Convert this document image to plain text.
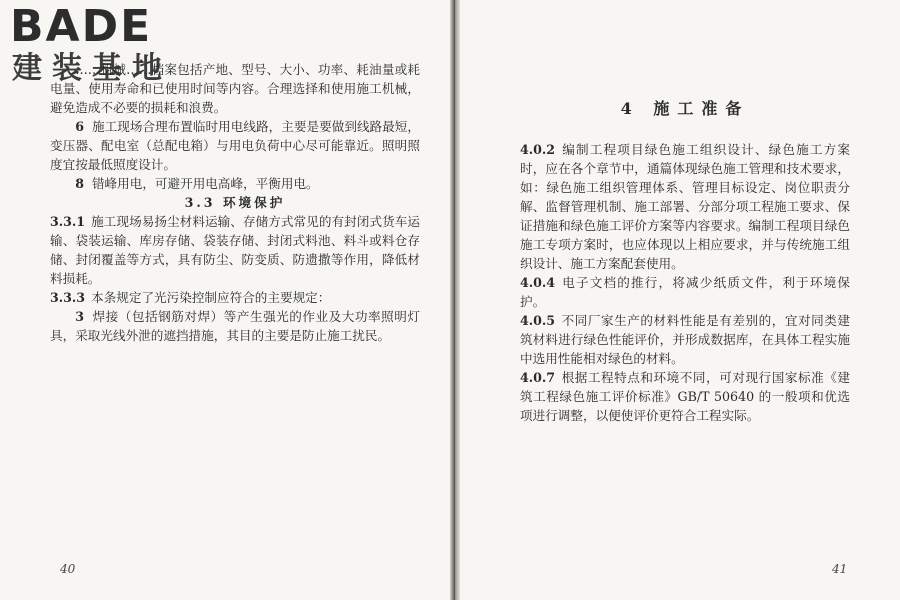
BADE
建装基地

……机械……档案包括产地、型号、大小、功率、耗油量或耗电量、使用寿命和已使用时间等内容。合理选择和使用施工机械，避免造成不必要的损耗和浪费。

6 施工现场合理布置临时用电线路，主要是要做到线路最短，变压器、配电室（总配电箱）与用电负荷中心尽可能靠近。照明照度宜按最低照度设计。

8 错峰用电，可避开用电高峰，平衡用电。

3.3 环境保护

3.3.1 施工现场易扬尘材料运输、存储方式常见的有封闭式货车运输、袋装运输、库房存储、袋装存储、封闭式料池、料斗或料仓存储、封闭覆盖等方式，具有防尘、防变质、防遗撒等作用，降低材料损耗。

3.3.3 本条规定了光污染控制应符合的主要规定：

3 焊接（包括钢筋对焊）等产生强光的作业及大功率照明灯具，采取光线外泄的遮挡措施，其目的主要是防止施工扰民。

40
4 施工准备

4.0.2 编制工程项目绿色施工组织设计、绿色施工方案时，应在各个章节中，通篇体现绿色施工管理和技术要求，如：绿色施工组织管理体系、管理目标设定、岗位职责分解、监督管理机制、施工部署、分部分项工程施工要求、保证措施和绿色施工评价方案等内容要求。编制工程项目绿色施工专项方案时，也应体现以上相应要求，并与传统施工组织设计、施工方案配套使用。

4.0.4 电子文档的推行，将减少纸质文件，利于环境保护。

4.0.5 不同厂家生产的材料性能是有差别的，宜对同类建筑材料进行绿色性能评价，并形成数据库，在具体工程实施中选用性能相对绿色的材料。

4.0.7 根据工程特点和环境不同，可对现行国家标准《建筑工程绿色施工评价标准》GB/T 50640 的一般项和优选项进行调整，以便使评价更符合工程实际。

41
